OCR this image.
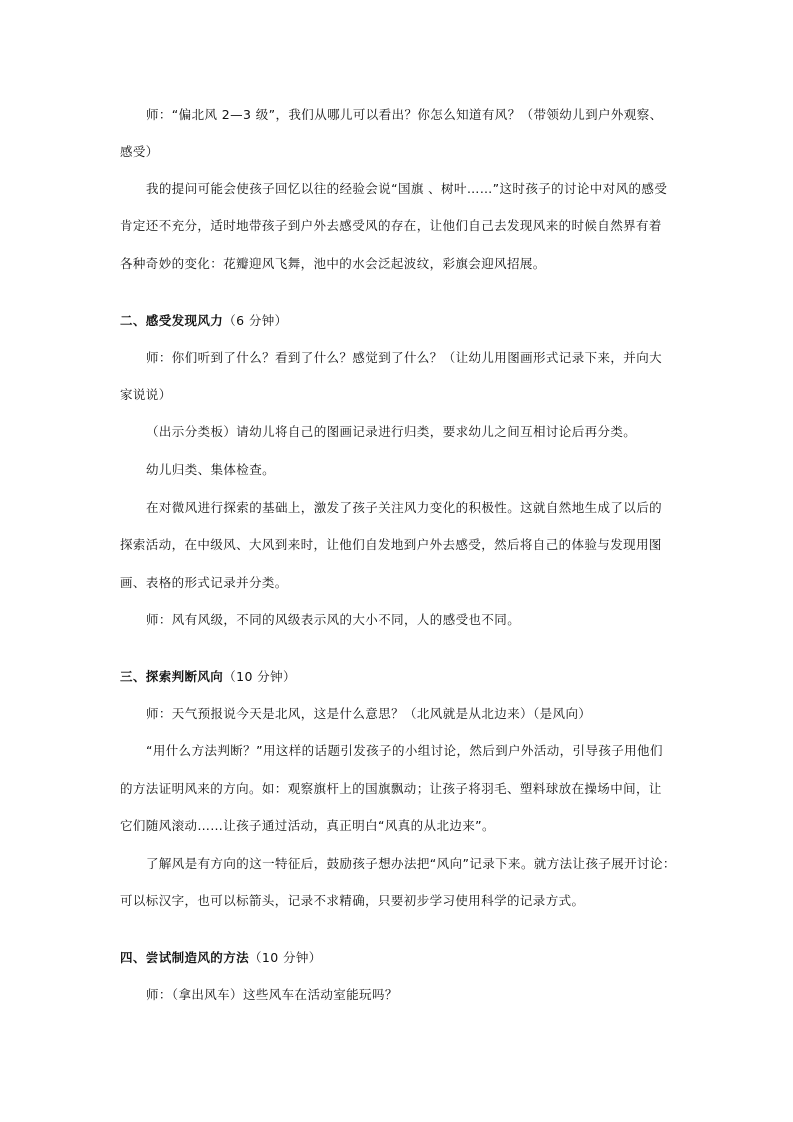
师：“偏北风 2—3 级”，我们从哪儿可以看出？你怎么知道有风？（带领幼儿到户外观察、
感受）
我的提问可能会使孩子回忆以往的经验会说“国旗 、树叶……”这时孩子的讨论中对风的感受
肯定还不充分，适时地带孩子到户外去感受风的存在，让他们自己去发现风来的时候自然界有着
各种奇妙的变化：花瓣迎风飞舞，池中的水会泛起波纹，彩旗会迎风招展。
二、感受发现风力（6 分钟）
师：你们听到了什么？看到了什么？感觉到了什么？（让幼儿用图画形式记录下来，并向大
家说说）
（出示分类板）请幼儿将自己的图画记录进行归类，要求幼儿之间互相讨论后再分类。
幼儿归类、集体检查。
在对微风进行探索的基础上，激发了孩子关注风力变化的积极性。这就自然地生成了以后的
探索活动，在中级风、大风到来时，让他们自发地到户外去感受，然后将自己的体验与发现用图
画、表格的形式记录并分类。
师：风有风级，不同的风级表示风的大小不同，人的感受也不同。
三、探索判断风向（10 分钟）
师：天气预报说今天是北风，这是什么意思？（北风就是从北边来）（是风向）
“用什么方法判断？”用这样的话题引发孩子的小组讨论，然后到户外活动，引导孩子用他们
的方法证明风来的方向。如：观察旗杆上的国旗飘动；让孩子将羽毛、塑料球放在操场中间，让
它们随风滚动……让孩子通过活动，真正明白“风真的从北边来”。
了解风是有方向的这一特征后，鼓励孩子想办法把“风向”记录下来。就方法让孩子展开讨论：
可以标汉字，也可以标箭头，记录不求精确，只要初步学习使用科学的记录方式。
四、尝试制造风的方法（10 分钟）
师：（拿出风车）这些风车在活动室能玩吗？
